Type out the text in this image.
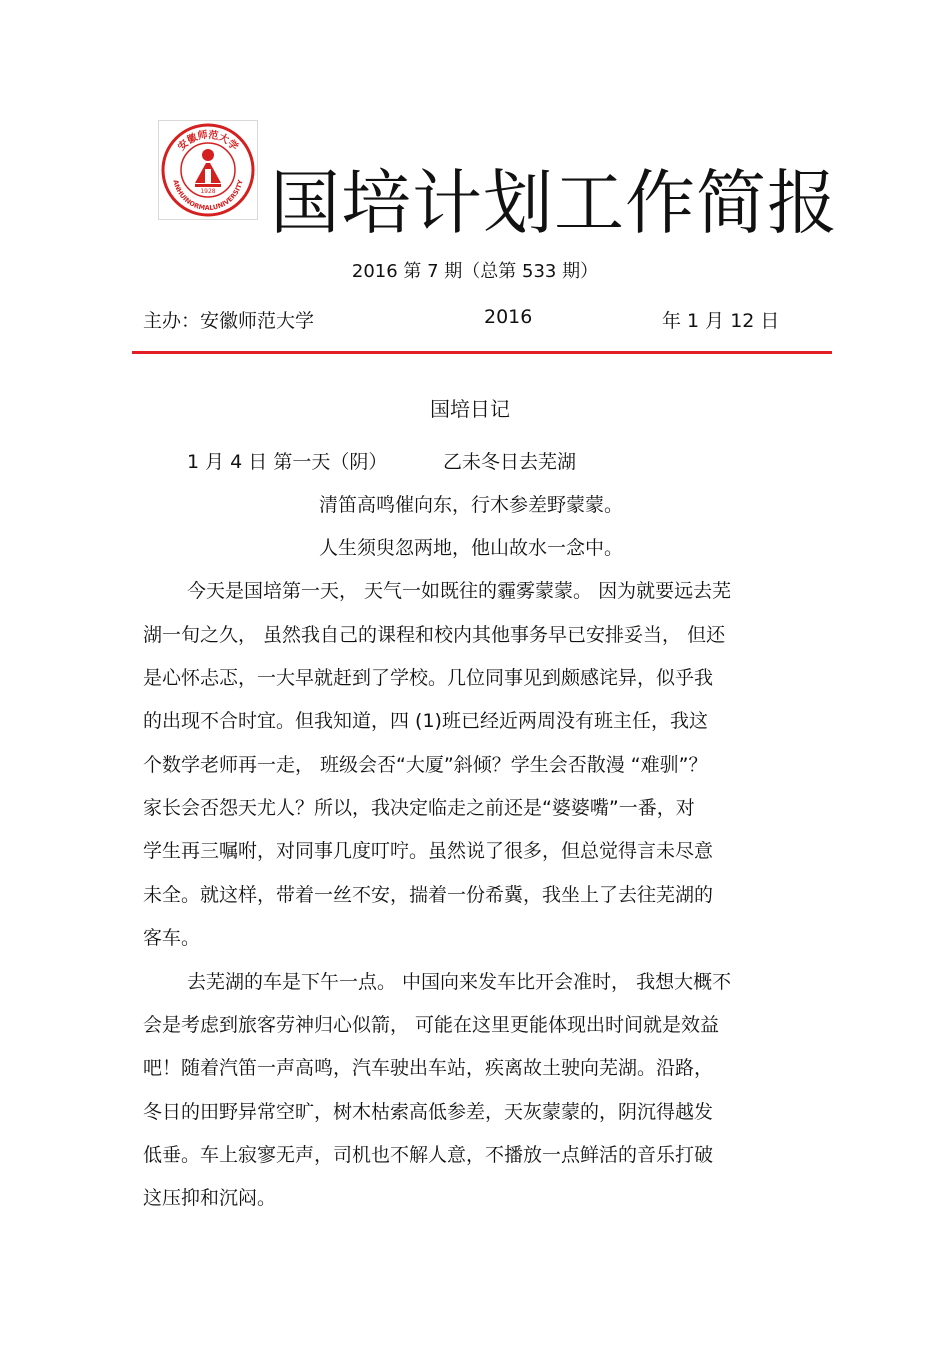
安徽师范大学
ANHUINORMALUNIVERSITY
1928 国培计划工作简报
2016 第 7 期（总第 533 期）
主办：安徽师范大学	2016	年 1 月 12 日
国培日记
1 月 4 日 第一天（阴）	乙未冬日去芜湖
清笛高鸣催向东，行木参差野蒙蒙。
人生须臾忽两地，他山故水一念中。
今天是国培第一天， 天气一如既往的霾雾蒙蒙。 因为就要远去芜
湖一旬之久， 虽然我自己的课程和校内其他事务早已安排妥当， 但还
是心怀忐忑，一大早就赶到了学校。几位同事见到颇感诧异，似乎我
的出现不合时宜。但我知道，四 (1)班已经近两周没有班主任，我这
个数学老师再一走， 班级会否“大厦”斜倾？学生会否散漫 “难驯”？
家长会否怨天尤人？所以，我决定临走之前还是“婆婆嘴”一番，对
学生再三嘱咐，对同事几度叮咛。虽然说了很多，但总觉得言未尽意
未全。就这样，带着一丝不安，揣着一份希冀，我坐上了去往芜湖的
客车。
去芜湖的车是下午一点。 中国向来发车比开会准时， 我想大概不
会是考虑到旅客劳神归心似箭， 可能在这里更能体现出时间就是效益
吧！随着汽笛一声高鸣，汽车驶出车站，疾离故土驶向芜湖。沿路，
冬日的田野异常空旷，树木枯索高低参差，天灰蒙蒙的，阴沉得越发
低垂。车上寂寥无声，司机也不解人意，不播放一点鲜活的音乐打破
这压抑和沉闷。
